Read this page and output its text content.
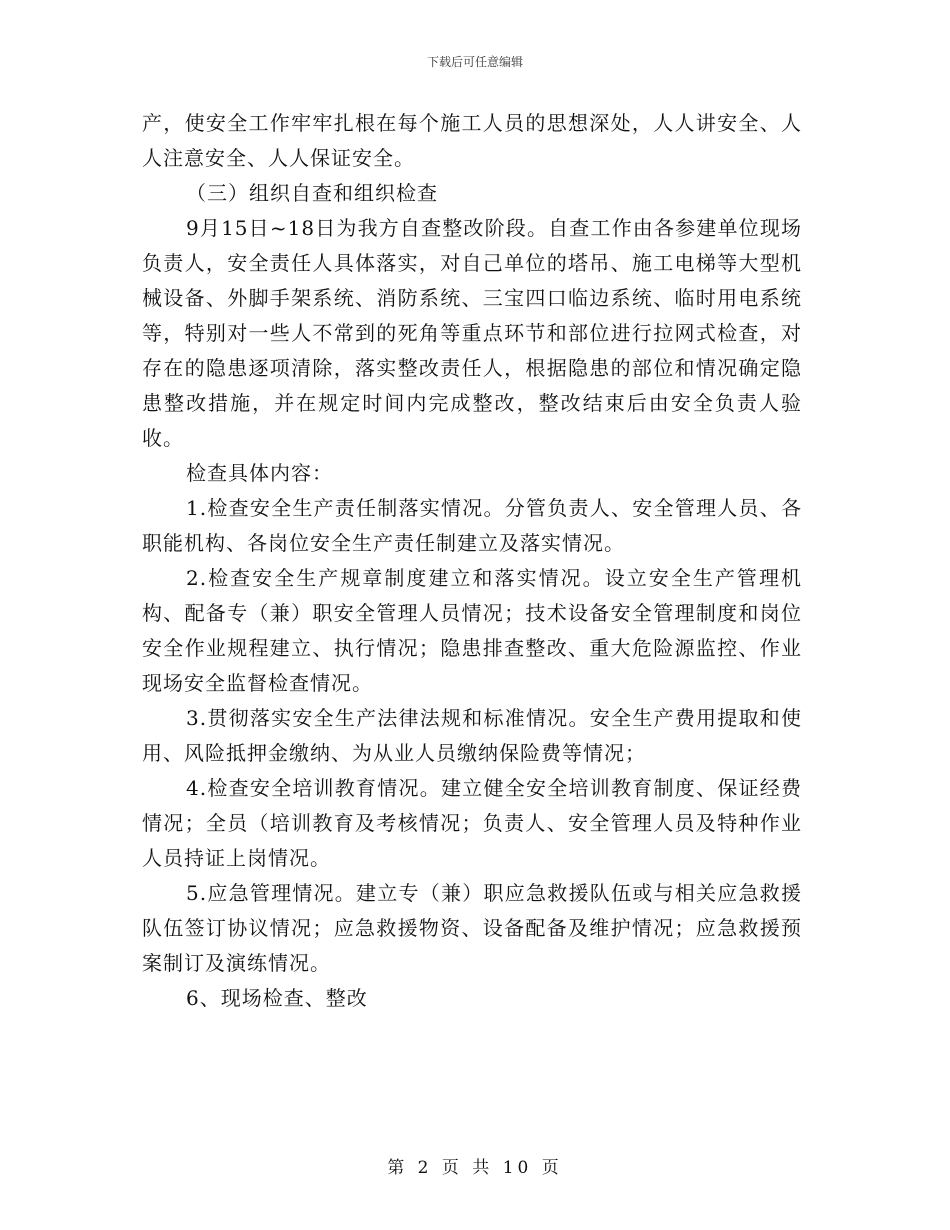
下载后可任意编辑

产，使安全工作牢牢扎根在每个施工人员的思想深处，人人讲安全、人人注意安全、人人保证安全。

（三）组织自查和组织检查

9月15日~18日为我方自查整改阶段。自查工作由各参建单位现场负责人，安全责任人具体落实，对自己单位的塔吊、施工电梯等大型机械设备、外脚手架系统、消防系统、三宝四口临边系统、临时用电系统等，特别对一些人不常到的死角等重点环节和部位进行拉网式检查，对存在的隐患逐项清除，落实整改责任人，根据隐患的部位和情况确定隐患整改措施，并在规定时间内完成整改，整改结束后由安全负责人验收。

检查具体内容：

1.检查安全生产责任制落实情况。分管负责人、安全管理人员、各职能机构、各岗位安全生产责任制建立及落实情况。

2.检查安全生产规章制度建立和落实情况。设立安全生产管理机构、配备专（兼）职安全管理人员情况；技术设备安全管理制度和岗位安全作业规程建立、执行情况；隐患排查整改、重大危险源监控、作业现场安全监督检查情况。

3.贯彻落实安全生产法律法规和标准情况。安全生产费用提取和使用、风险抵押金缴纳、为从业人员缴纳保险费等情况；

4.检查安全培训教育情况。建立健全安全培训教育制度、保证经费情况；全员（培训教育及考核情况；负责人、安全管理人员及特种作业人员持证上岗情况。

5.应急管理情况。建立专（兼）职应急救援队伍或与相关应急救援队伍签订协议情况；应急救援物资、设备配备及维护情况；应急救援预案制订及演练情况。

6、现场检查、整改

第 2 页 共 10 页
